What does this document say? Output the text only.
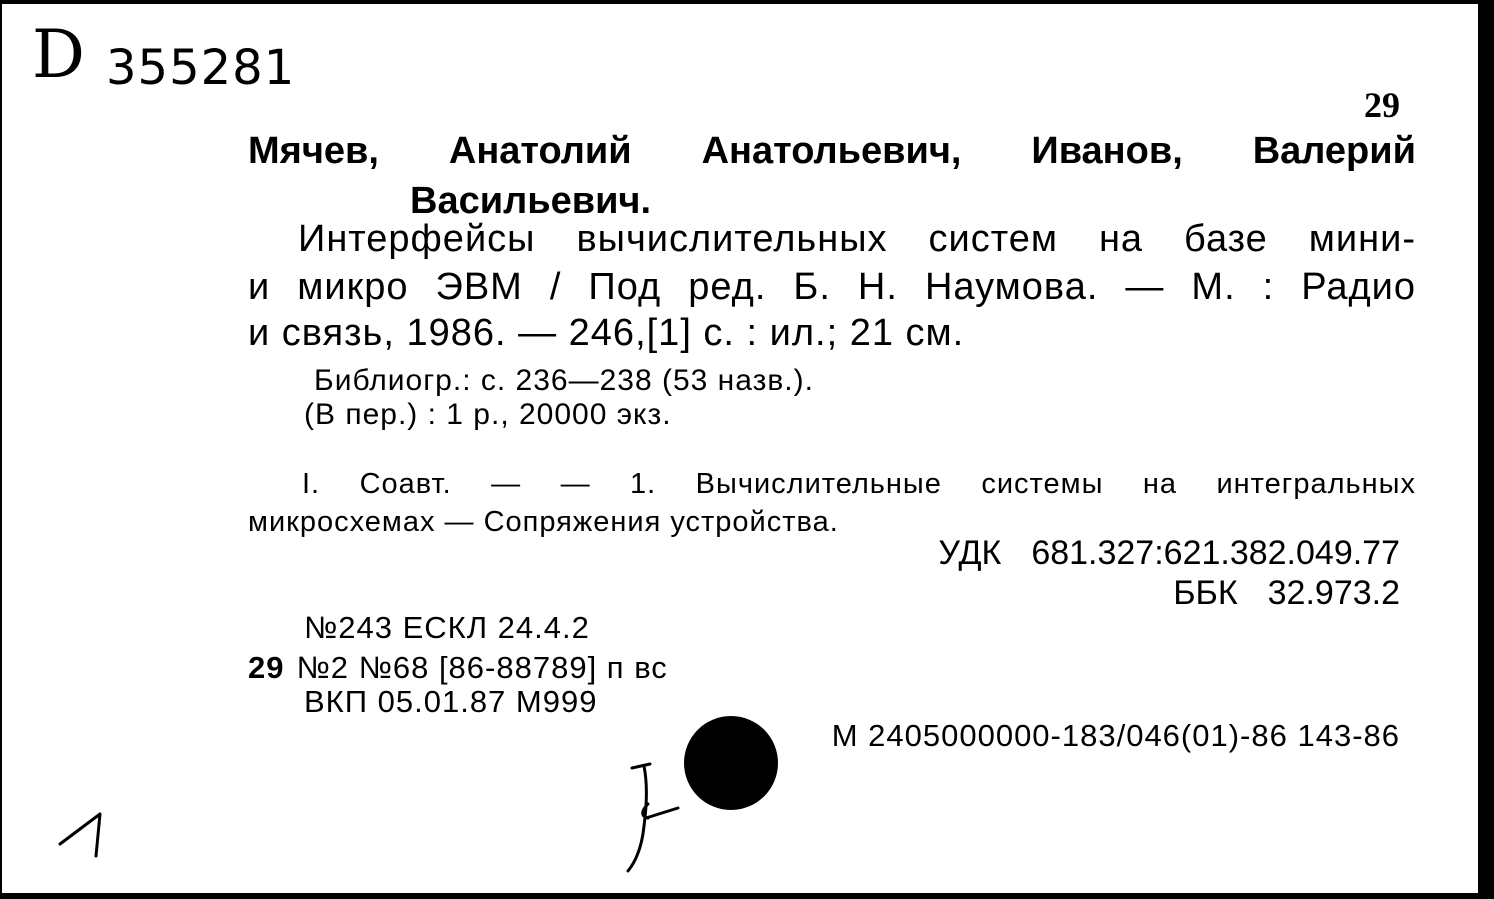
D 355281
29
Мячев, Анатолий Анатольевич, Иванов, Валерий
Васильевич.
Интерфейсы вычислительных систем на базе мини-
и микро ЭВМ / Под ред. Б. Н. Наумова. — М. : Радио
и связь, 1986. — 246,[1] с. : ил.; 21 см.
Библиогр.: с. 236—238 (53 назв.).
(В пер.) : 1 р., 20000 экз.
I. Соавт. — — 1. Вычислительные системы на интегральных
микросхемах — Сопряжения устройства.
УДК 681.327:621.382.049.77
ББК 32.973.2
№243 ЕСКЛ 24.4.2
29 №2 №68 [86-88789] п вс
ВКП 05.01.87 М999
М 2405000000-183/046(01)-86 143-86
